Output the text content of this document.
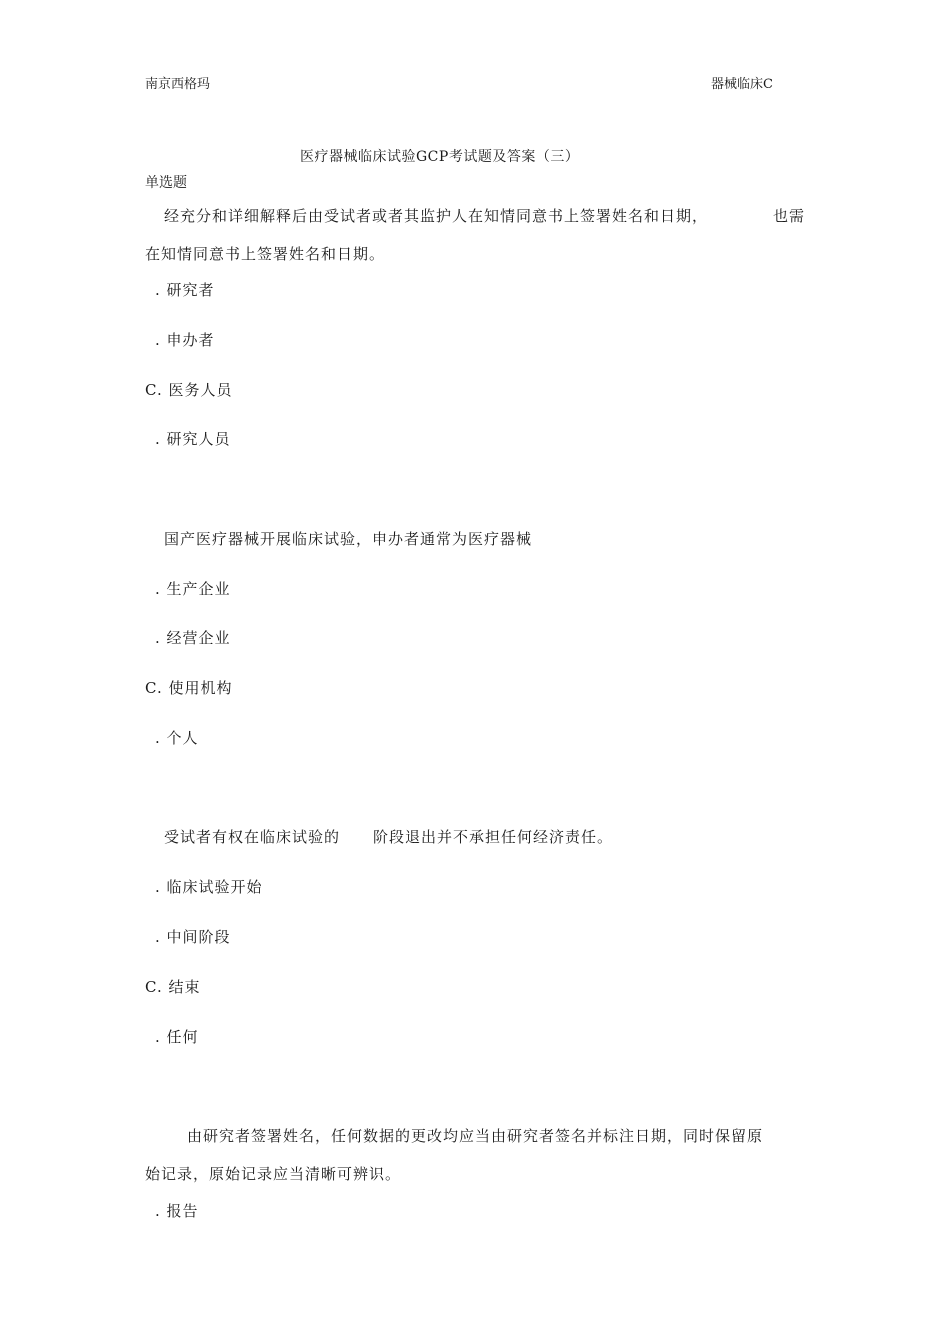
南京西格玛	器械临床C
医疗器械临床试验GCP考试题及答案（三）
单选题
经充分和详细解释后由受试者或者其监护人在知情同意书上签署姓名和日期，	也需
在知情同意书上签署姓名和日期。
. 研究者
. 申办者
C. 医务人员
. 研究人员
国产医疗器械开展临床试验，申办者通常为医疗器械
. 生产企业
. 经营企业
C. 使用机构
. 个人
受试者有权在临床试验的 阶段退出并不承担任何经济责任。
. 临床试验开始
. 中间阶段
C. 结束
. 任何
由研究者签署姓名，任何数据的更改均应当由研究者签名并标注日期，同时保留原
始记录，原始记录应当清晰可辨识。
. 报告
